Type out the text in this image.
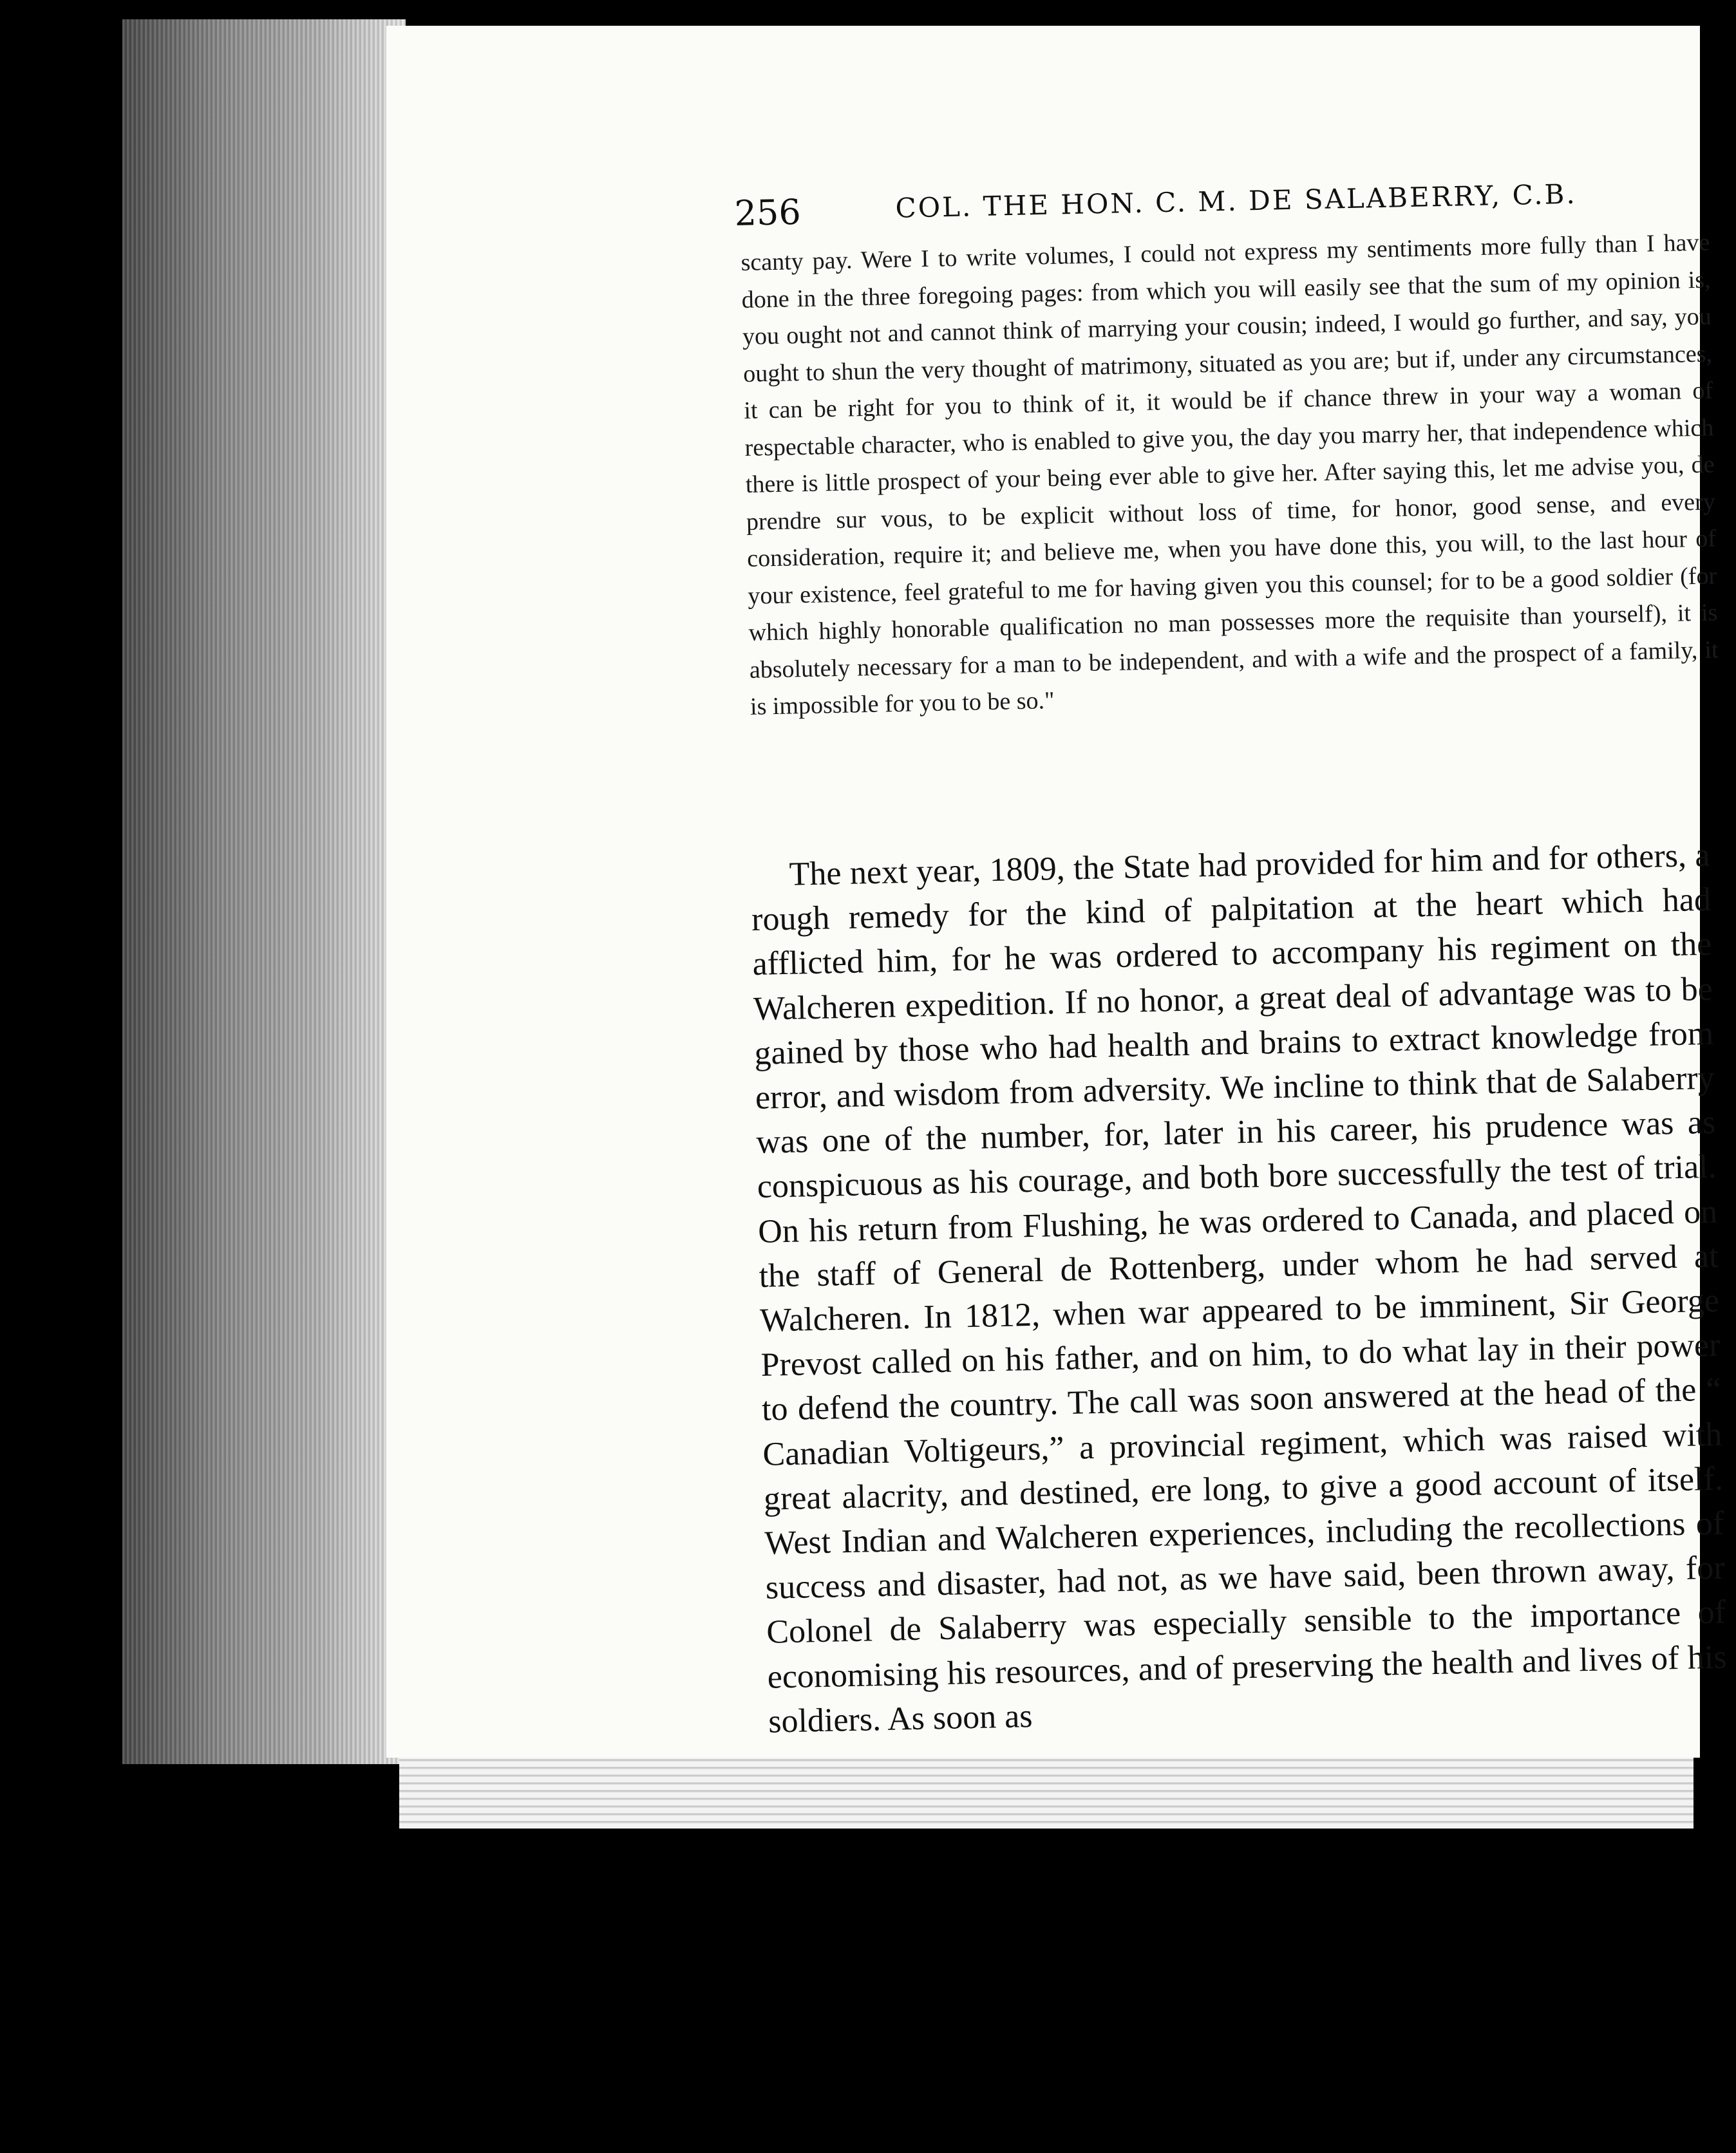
256	COL. THE HON. C. M. DE SALABERRY, C.B.

scanty pay. Were I to write volumes, I could not express my sentiments more fully than I have done in the three foregoing pages: from which you will easily see that the sum of my opinion is, you ought not and cannot think of marrying your cousin; indeed, I would go further, and say, you ought to shun the very thought of matrimony, situated as you are; but if, under any circumstances, it can be right for you to think of it, it would be if chance threw in your way a woman of respectable character, who is enabled to give you, the day you marry her, that independence which there is little prospect of your being ever able to give her. After saying this, let me advise you, de prendre sur vous, to be explicit without loss of time, for honor, good sense, and every consideration, require it; and believe me, when you have done this, you will, to the last hour of your existence, feel grateful to me for having given you this counsel; for to be a good soldier (for which highly honorable qualification no man possesses more the requisite than yourself), it is absolutely necessary for a man to be independent, and with a wife and the prospect of a family, it is impossible for you to be so."

The next year, 1809, the State had provided for him and for others, a rough remedy for the kind of palpitation at the heart which had afflicted him, for he was ordered to accompany his regiment on the Walcheren expedition. If no honor, a great deal of advantage was to be gained by those who had health and brains to extract knowledge from error, and wisdom from adversity. We incline to think that de Salaberry was one of the number, for, later in his career, his prudence was as conspicuous as his courage, and both bore successfully the test of trial. On his return from Flushing, he was ordered to Canada, and placed on the staff of General de Rottenberg, under whom he had served at Walcheren. In 1812, when war appeared to be imminent, Sir George Prevost called on his father, and on him, to do what lay in their power to defend the country. The call was soon answered at the head of the “ Canadian Voltigeurs,” a provincial regiment, which was raised with great alacrity, and destined, ere long, to give a good account of itself. West Indian and Walcheren experiences, including the recollections of success and disaster, had not, as we have said, been thrown away, for Colonel de Salaberry was especially sensible to the importance of economising his resources, and of preserving the health and lives of his soldiers. As soon as
